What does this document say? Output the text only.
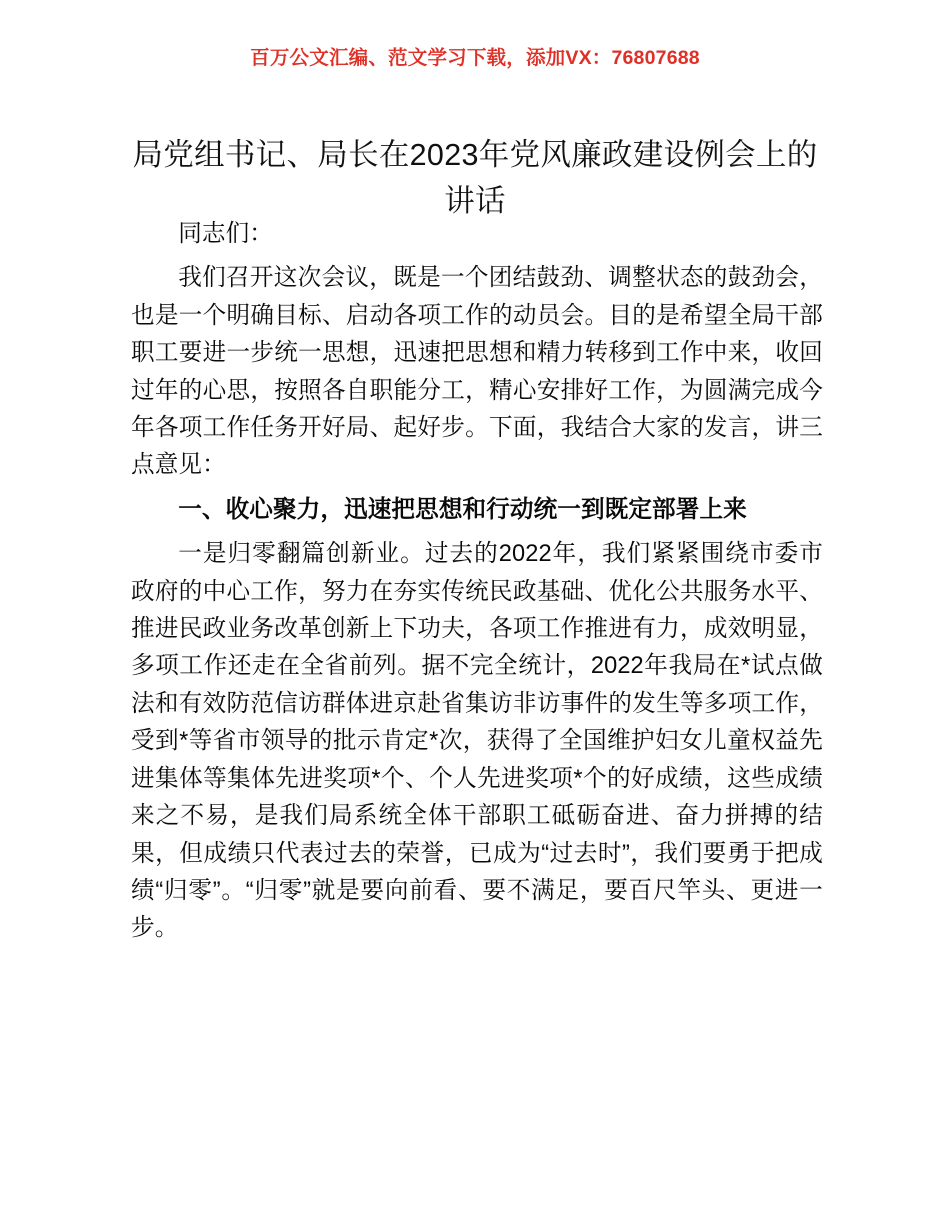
百万公文汇编、范文学习下载，添加VX：76807688
局党组书记、局长在2023年党风廉政建设例会上的讲话

同志们：

我们召开这次会议，既是一个团结鼓劲、调整状态的鼓劲会，也是一个明确目标、启动各项工作的动员会。目的是希望全局干部职工要进一步统一思想，迅速把思想和精力转移到工作中来，收回过年的心思，按照各自职能分工，精心安排好工作，为圆满完成今年各项工作任务开好局、起好步。下面，我结合大家的发言，讲三点意见：

一、收心聚力，迅速把思想和行动统一到既定部署上来

一是归零翻篇创新业。过去的2022年，我们紧紧围绕市委市政府的中心工作，努力在夯实传统民政基础、优化公共服务水平、推进民政业务改革创新上下功夫，各项工作推进有力，成效明显，多项工作还走在全省前列。据不完全统计，2022年我局在*试点做法和有效防范信访群体进京赴省集访非访事件的发生等多项工作，受到*等省市领导的批示肯定*次，获得了全国维护妇女儿童权益先进集体等集体先进奖项*个、个人先进奖项*个的好成绩，这些成绩来之不易，是我们局系统全体干部职工砥砺奋进、奋力拼搏的结果，但成绩只代表过去的荣誉，已成为“过去时”，我们要勇于把成绩“归零”。“归零”就是要向前看、要不满足，要百尺竿头、更进一步。
